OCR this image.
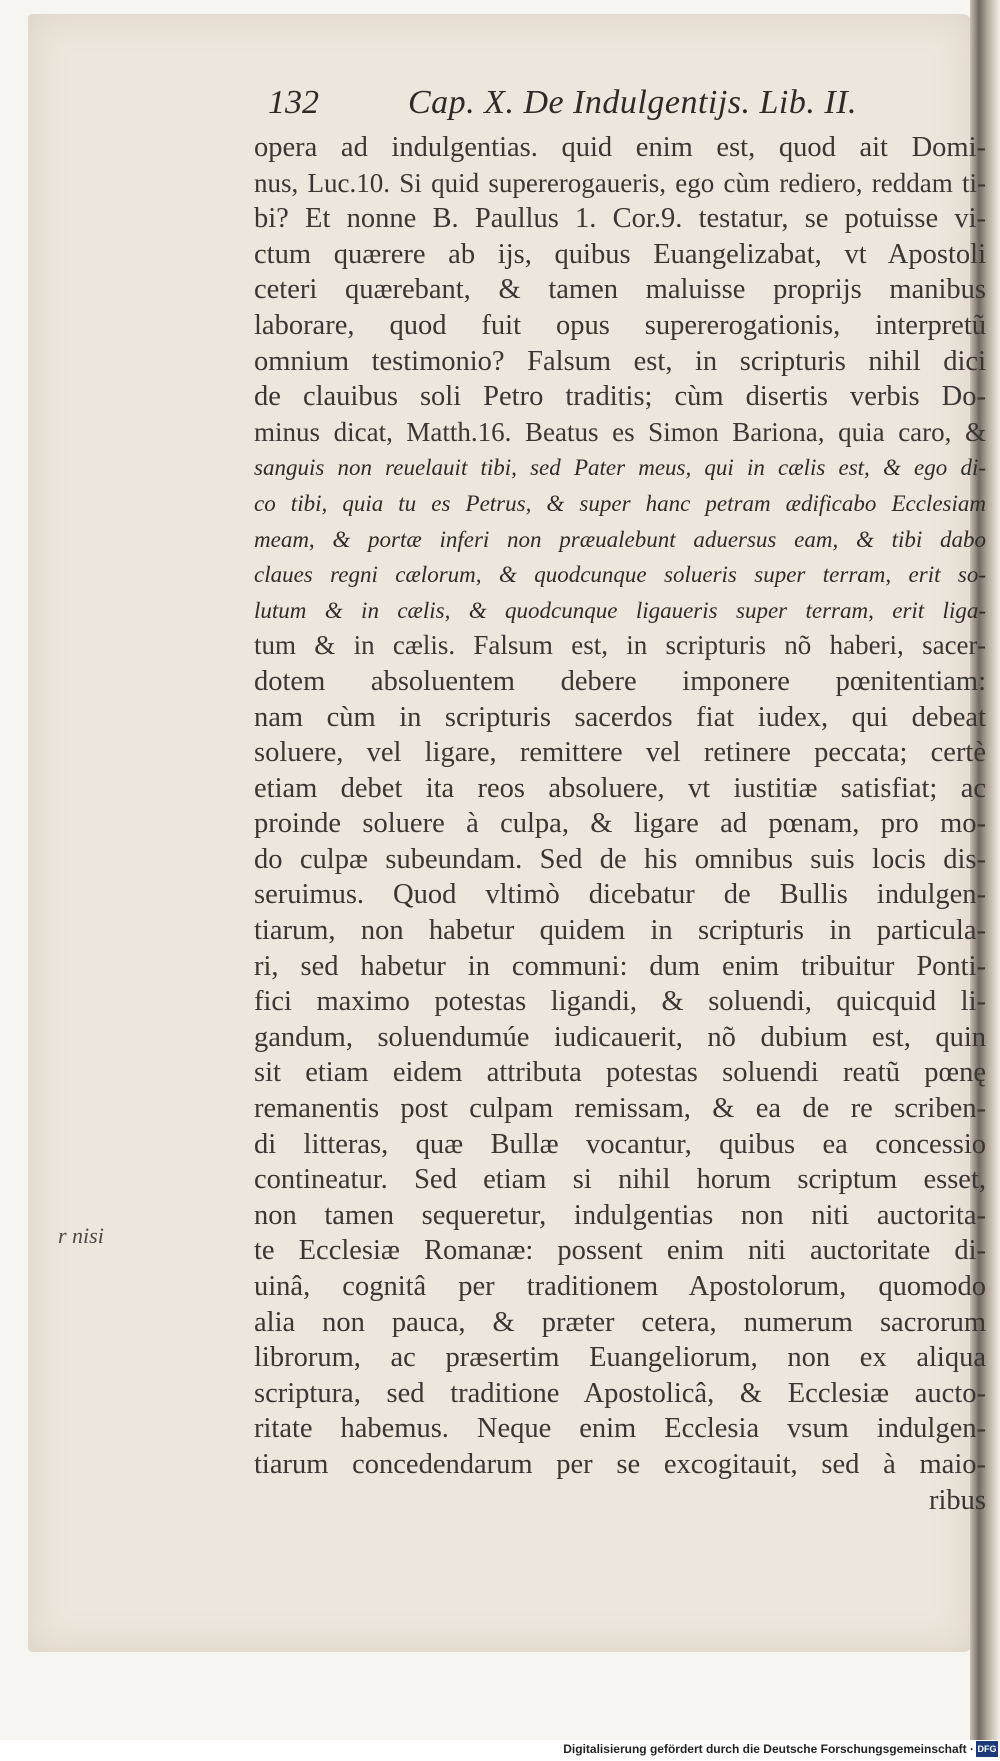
132	Cap. X. De Indulgentijs. Lib. II.
r nisi
opera ad indulgentias. quid enim est, quod ait Domi-
nus, Luc.10. Si quid supererogaueris, ego cùm rediero, reddam ti-
bi? Et nonne B. Paullus 1. Cor.9. testatur, se potuisse vi-
ctum quærere ab ijs, quibus Euangelizabat, vt Apostoli
ceteri quærebant, & tamen maluisse proprijs manibus
laborare, quod fuit opus supererogationis, interpretũ
omnium testimonio? Falsum est, in scripturis nihil dici
de clauibus soli Petro traditis; cùm disertis verbis Do-
minus dicat, Matth.16. Beatus es Simon Bariona, quia caro, &
sanguis non reuelauit tibi, sed Pater meus, qui in cælis est, & ego di-
co tibi, quia tu es Petrus, & super hanc petram ædificabo Ecclesiam
meam, & portæ inferi non præualebunt aduersus eam, & tibi dabo
claues regni cælorum, & quodcunque solueris super terram, erit so-
lutum & in cælis, & quodcunque ligaueris super terram, erit liga-
tum & in cælis. Falsum est, in scripturis nõ haberi, sacer-
dotem absoluentem debere imponere pœnitentiam:
nam cùm in scripturis sacerdos fiat iudex, qui debeat
soluere, vel ligare, remittere vel retinere peccata; certè
etiam debet ita reos absoluere, vt iustitiæ satisfiat; ac
proinde soluere à culpa, & ligare ad pœnam, pro mo-
do culpæ subeundam. Sed de his omnibus suis locis dis-
seruimus. Quod vltimò dicebatur de Bullis indulgen-
tiarum, non habetur quidem in scripturis in particula-
ri, sed habetur in communi: dum enim tribuitur Ponti-
fici maximo potestas ligandi, & soluendi, quicquid li-
gandum, soluendumúe iudicauerit, nõ dubium est, quin
sit etiam eidem attributa potestas soluendi reatũ pœnę
remanentis post culpam remissam, & ea de re scriben-
di litteras, quæ Bullæ vocantur, quibus ea concessio
contineatur. Sed etiam si nihil horum scriptum esset,
non tamen sequeretur, indulgentias non niti auctorita-
te Ecclesiæ Romanæ: possent enim niti auctoritate di-
uinâ, cognitâ per traditionem Apostolorum, quomodo
alia non pauca, & præter cetera, numerum sacrorum
librorum, ac præsertim Euangeliorum, non ex aliqua
scriptura, sed traditione Apostolicâ, & Ecclesiæ aucto-
ritate habemus. Neque enim Ecclesia vsum indulgen-
tiarum concedendarum per se excogitauit, sed à maio-
ribus
Digitalisierung gefördert durch die Deutsche Forschungsgemeinschaft · DFG
